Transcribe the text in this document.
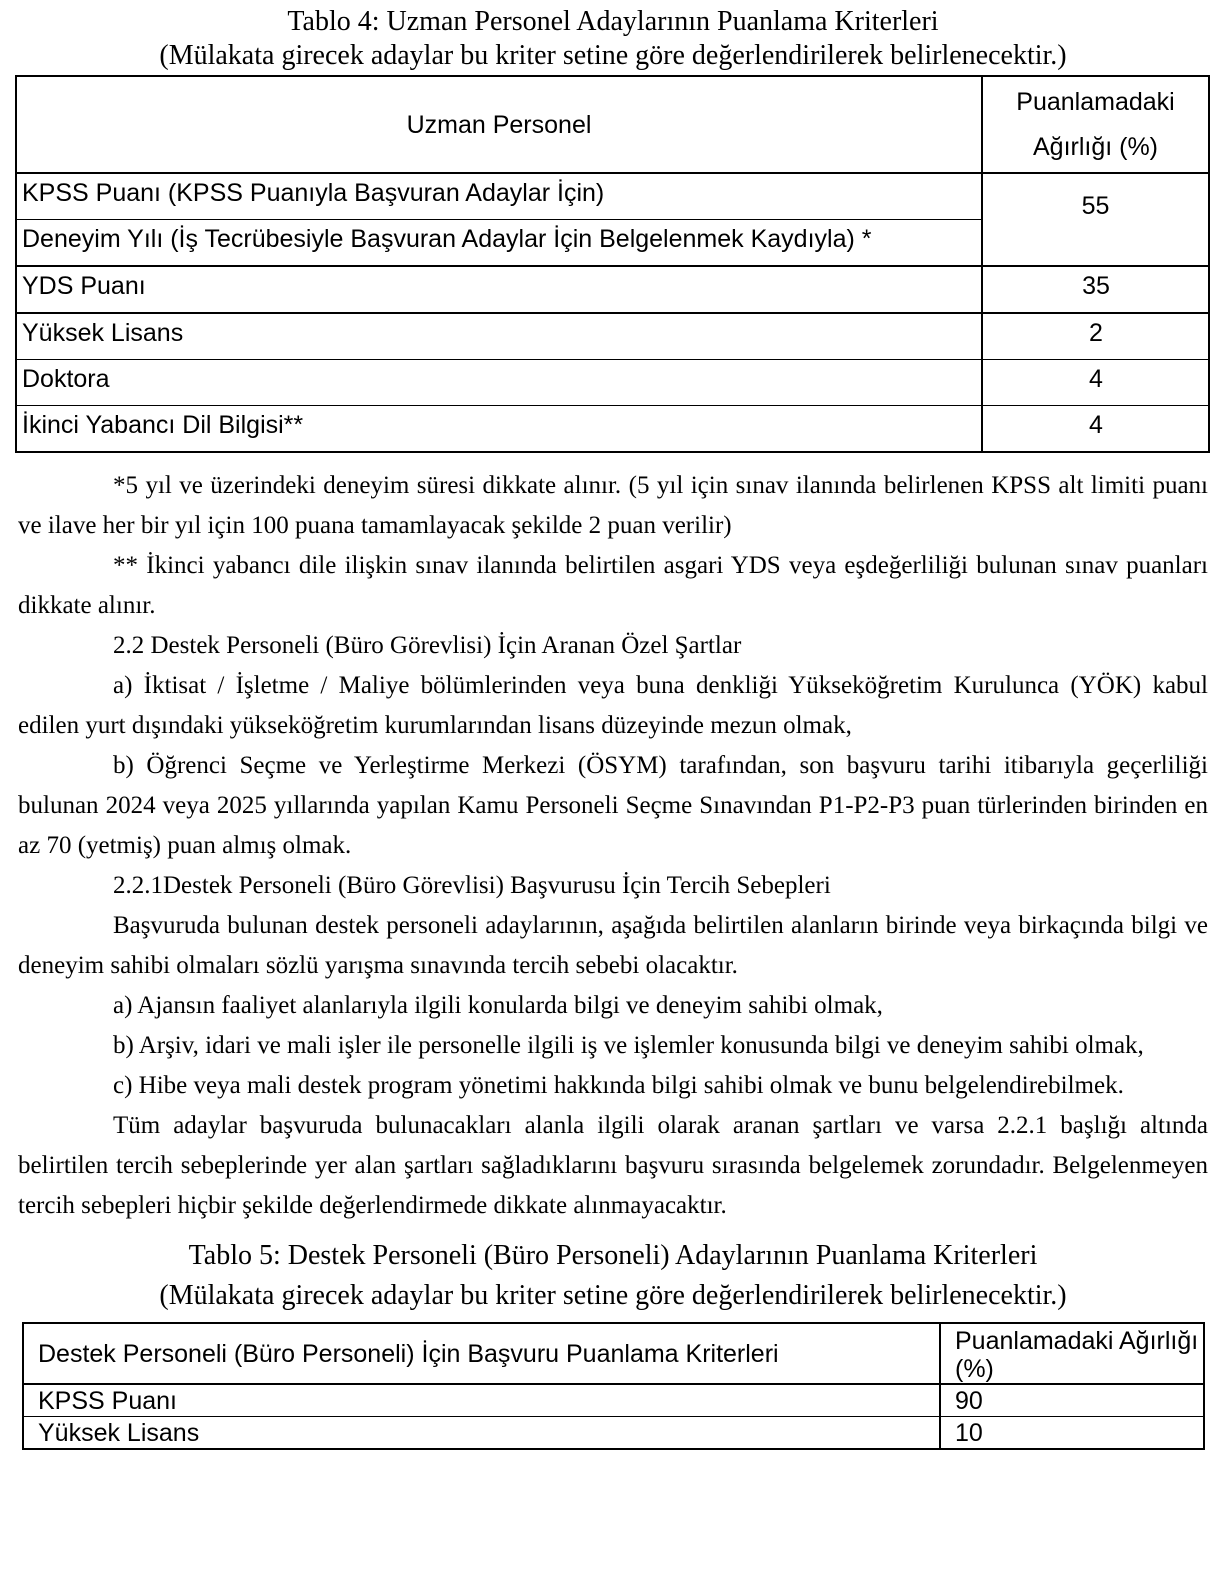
Tablo 4: Uzman Personel Adaylarının Puanlama Kriterleri
(Mülakata girecek adaylar bu kriter setine göre değerlendirilerek belirlenecektir.)
Uzman Personel	Puanlamadaki
Ağırlığı (%)

KPSS Puanı (KPSS Puanıyla Başvuran Adaylar İçin)	55
Deneyim Yılı (İş Tecrübesiyle Başvuran Adaylar İçin Belgelenmek Kaydıyla) *	
YDS Puanı	35
Yüksek Lisans	2
Doktora	4
İkinci Yabancı Dil Bilgisi**	4

*5 yıl ve üzerindeki deneyim süresi dikkate alınır. (5 yıl için sınav ilanında belirlenen KPSS alt limiti puanı ve ilave her bir yıl için 100 puana tamamlayacak şekilde 2 puan verilir)

** İkinci yabancı dile ilişkin sınav ilanında belirtilen asgari YDS veya eşdeğerliliği bulunan sınav puanları dikkate alınır.

2.2 Destek Personeli (Büro Görevlisi) İçin Aranan Özel Şartlar

a) İktisat / İşletme / Maliye bölümlerinden veya buna denkliği Yükseköğretim Kurulunca (YÖK) kabul edilen yurt dışındaki yükseköğretim kurumlarından lisans düzeyinde mezun olmak,

b) Öğrenci Seçme ve Yerleştirme Merkezi (ÖSYM) tarafından, son başvuru tarihi itibarıyla geçerliliği bulunan 2024 veya 2025 yıllarında yapılan Kamu Personeli Seçme Sınavından P1-P2-P3 puan türlerinden birinden en az 70 (yetmiş) puan almış olmak.

2.2.1Destek Personeli (Büro Görevlisi) Başvurusu İçin Tercih Sebepleri

Başvuruda bulunan destek personeli adaylarının, aşağıda belirtilen alanların birinde veya birkaçında bilgi ve deneyim sahibi olmaları sözlü yarışma sınavında tercih sebebi olacaktır.

a) Ajansın faaliyet alanlarıyla ilgili konularda bilgi ve deneyim sahibi olmak,

b) Arşiv, idari ve mali işler ile personelle ilgili iş ve işlemler konusunda bilgi ve deneyim sahibi olmak,

c) Hibe veya mali destek program yönetimi hakkında bilgi sahibi olmak ve bunu belgelendirebilmek.

Tüm adaylar başvuruda bulunacakları alanla ilgili olarak aranan şartları ve varsa 2.2.1 başlığı altında belirtilen tercih sebeplerinde yer alan şartları sağladıklarını başvuru sırasında belgelemek zorundadır. Belgelenmeyen tercih sebepleri hiçbir şekilde değerlendirmede dikkate alınmayacaktır.

Tablo 5: Destek Personeli (Büro Personeli) Adaylarının Puanlama Kriterleri
(Mülakata girecek adaylar bu kriter setine göre değerlendirilerek belirlenecektir.)
Destek Personeli (Büro Personeli) İçin Başvuru Puanlama Kriterleri	Puanlamadaki Ağırlığı (%)
KPSS Puanı	90
Yüksek Lisans	10
